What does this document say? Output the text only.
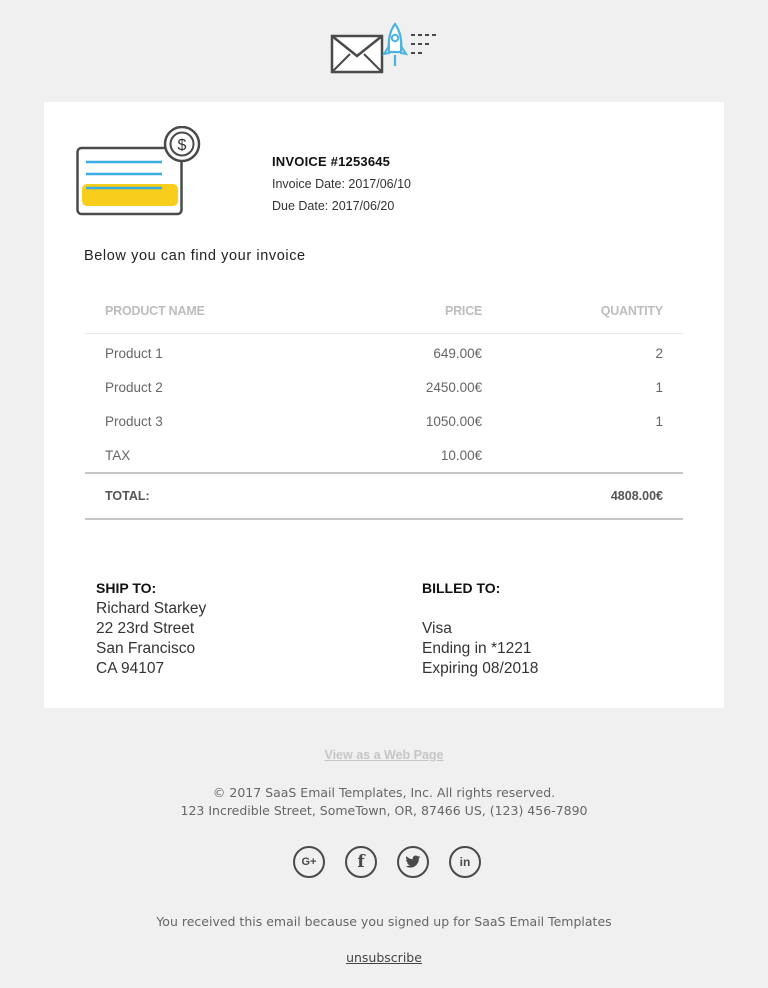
$
INVOICE #1253645
Invoice Date: 2017/06/10
Due Date: 2017/06/20
Below you can find your invoice
PRODUCT NAME	PRICE	QUANTITY
Product 1	649.00€	2
Product 2	2450.00€	1
Product 3	1050.00€	1
TAX	10.00€	
TOTAL:		4808.00€
SHIP TO:
Richard Starkey
22 23rd Street
San Francisco
CA 94107
BILLED TO:
Visa
Ending in *1221
Expiring 08/2018
View as a Web Page
© 2017 SaaS Email Templates, Inc. All rights reserved.
123 Incredible Street, SomeTown, OR, 87466 US, (123) 456-7890
G+	f	in
You received this email because you signed up for SaaS Email Templates
unsubscribe
